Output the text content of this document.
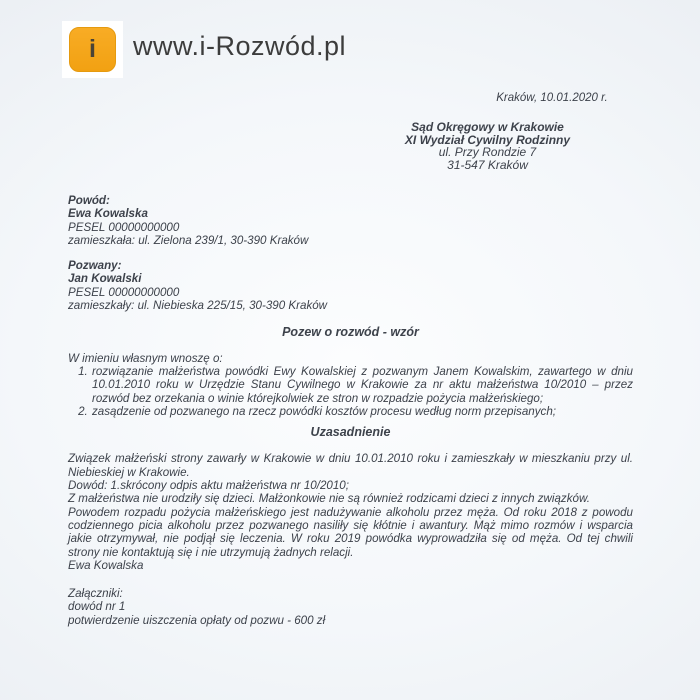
i www.i-Rozwód.pl
Kraków, 10.01.2020 r.
Sąd Okręgowy w Krakowie
XI Wydział Cywilny Rodzinny
ul. Przy Rondzie 7
31-547 Kraków
Powód:
Ewa Kowalska
PESEL 00000000000
zamieszkała: ul. Zielona 239/1, 30-390 Kraków
Pozwany:
Jan Kowalski
PESEL 00000000000
zamieszkały: ul. Niebieska 225/15, 30-390 Kraków
Pozew o rozwód - wzór
W imieniu własnym wnoszę o:
1. rozwiązanie małżeństwa powódki Ewy Kowalskiej z pozwanym Janem Kowalskim, zawartego w dniu 10.01.2010 roku w Urzędzie Stanu Cywilnego w Krakowie za nr aktu małżeństwa 10/2010 – przez rozwód bez orzekania o winie którejkolwiek ze stron w rozpadzie pożycia małżeńskiego;
2. zasądzenie od pozwanego na rzecz powódki kosztów procesu według norm przepisanych;
Uzasadnienie
Związek małżeński strony zawarły w Krakowie w dniu 10.01.2010 roku i zamieszkały w mieszkaniu przy ul. Niebieskiej w Krakowie.
Dowód: 1.skrócony odpis aktu małżeństwa nr 10/2010;
Z małżeństwa nie urodziły się dzieci. Małżonkowie nie są również rodzicami dzieci z innych związków.
Powodem rozpadu pożycia małżeńskiego jest nadużywanie alkoholu przez męża. Od roku 2018 z powodu codziennego picia alkoholu przez pozwanego nasiliły się kłótnie i awantury. Mąż mimo rozmów i wsparcia jakie otrzymywał, nie podjął się leczenia. W roku 2019 powódka wyprowadziła się od męża. Od tej chwili strony nie kontaktują się i nie utrzymują żadnych relacji.
Ewa Kowalska
Załączniki:
dowód nr 1
potwierdzenie uiszczenia opłaty od pozwu - 600 zł
